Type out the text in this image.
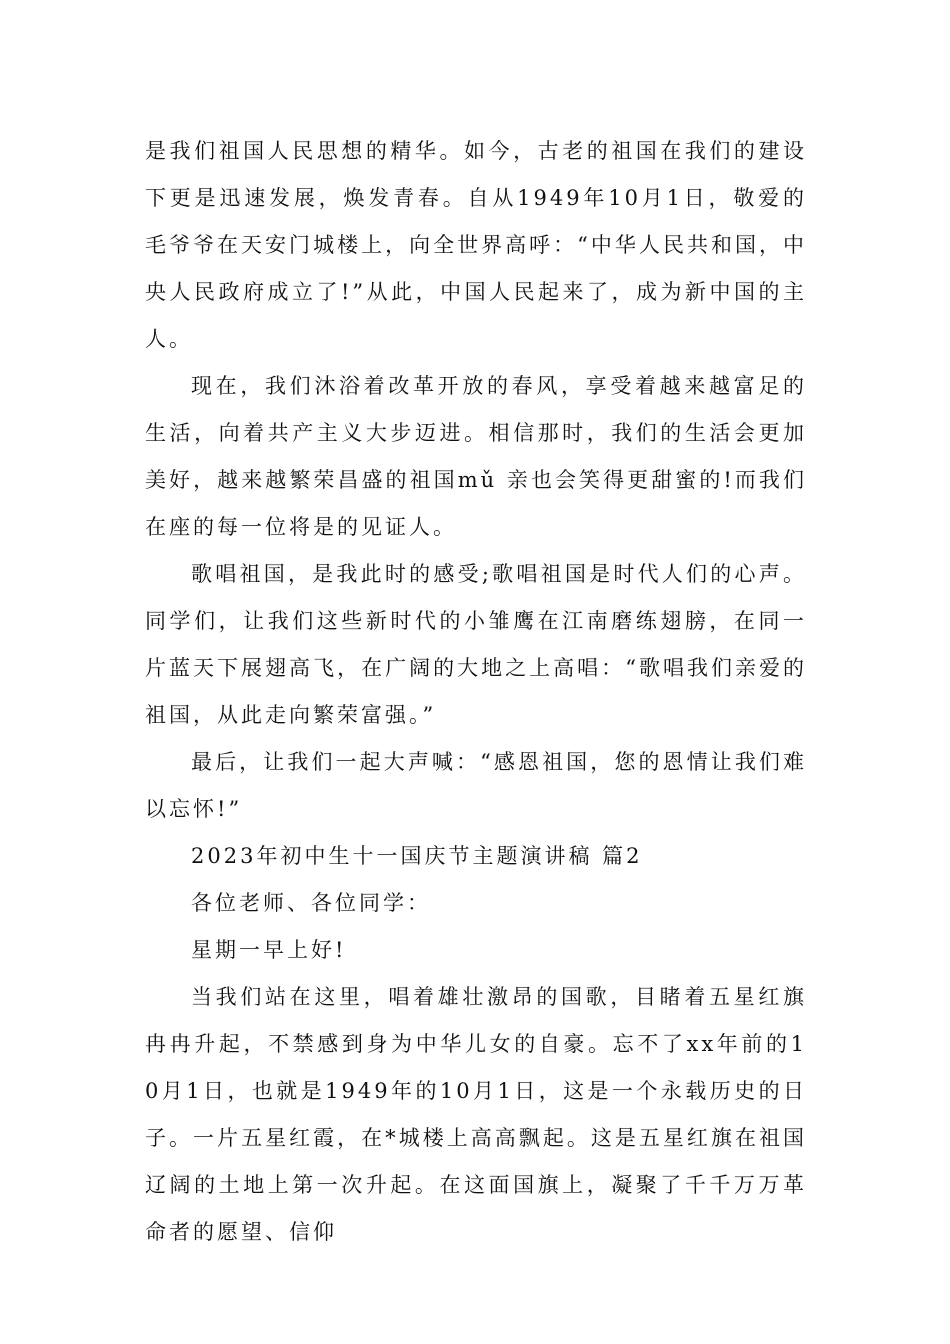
是我们祖国人民思想的精华。如今，古老的祖国在我们的建设下更是迅速发展，焕发青春。自从1949年10月1日，敬爱的毛爷爷在天安门城楼上，向全世界高呼：“中华人民共和国，中央人民政府成立了!”从此，中国人民起来了，成为新中国的主人。

现在，我们沐浴着改革开放的春风，享受着越来越富足的生活，向着共产主义大步迈进。相信那时，我们的生活会更加美好，越来越繁荣昌盛的祖国mǔ 亲也会笑得更甜蜜的!而我们在座的每一位将是的见证人。

歌唱祖国，是我此时的感受;歌唱祖国是时代人们的心声。同学们，让我们这些新时代的小雏鹰在江南磨练翅膀，在同一片蓝天下展翅高飞，在广阔的大地之上高唱：“歌唱我们亲爱的祖国，从此走向繁荣富强。”

最后，让我们一起大声喊：“感恩祖国，您的恩情让我们难以忘怀!”

2023年初中生十一国庆节主题演讲稿 篇2

各位老师、各位同学：

星期一早上好!

当我们站在这里，唱着雄壮激昂的国歌，目睹着五星红旗冉冉升起，不禁感到身为中华儿女的自豪。忘不了xx年前的10月1日，也就是1949年的10月1日，这是一个永载历史的日子。一片五星红霞，在*城楼上高高飘起。这是五星红旗在祖国辽阔的土地上第一次升起。在这面国旗上，凝聚了千千万万革命者的愿望、信仰
